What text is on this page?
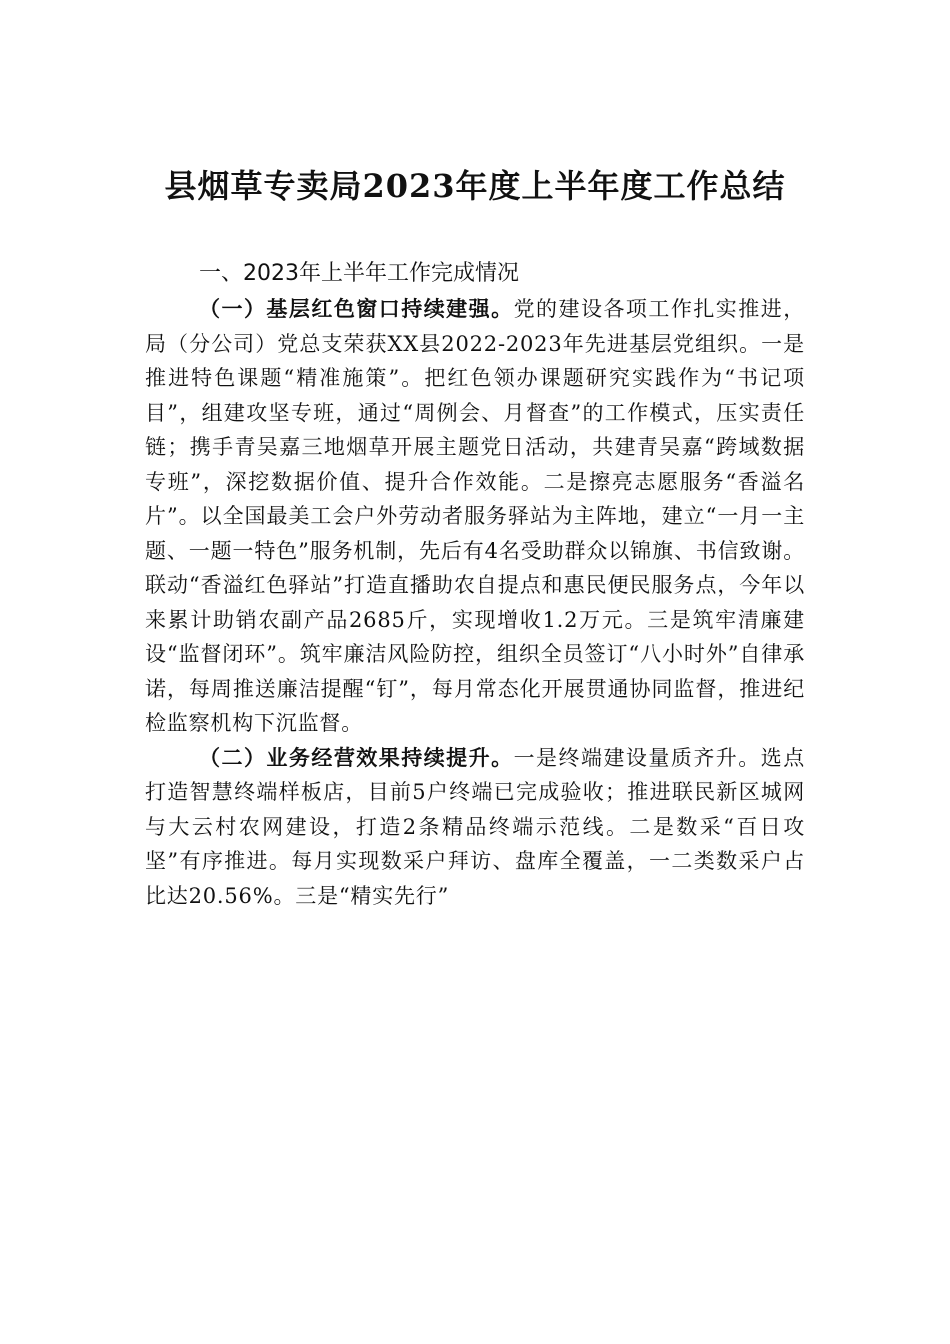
县烟草专卖局2023年度上半年度工作总结

一、2023年上半年工作完成情况

（一）基层红色窗口持续建强。党的建设各项工作扎实推进，局（分公司）党总支荣获XX县2022-2023年先进基层党组织。一是推进特色课题“精准施策”。把红色领办课题研究实践作为“书记项目”，组建攻坚专班，通过“周例会、月督查”的工作模式，压实责任链；携手青吴嘉三地烟草开展主题党日活动，共建青吴嘉“跨域数据专班”，深挖数据价值、提升合作效能。二是擦亮志愿服务“香溢名片”。以全国最美工会户外劳动者服务驿站为主阵地，建立“一月一主题、一题一特色”服务机制，先后有4名受助群众以锦旗、书信致谢。联动“香溢红色驿站”打造直播助农自提点和惠民便民服务点，今年以来累计助销农副产品2685斤，实现增收1.2万元。三是筑牢清廉建设“监督闭环”。筑牢廉洁风险防控，组织全员签订“八小时外”自律承诺，每周推送廉洁提醒“钉”，每月常态化开展贯通协同监督，推进纪检监察机构下沉监督。

（二）业务经营效果持续提升。一是终端建设量质齐升。选点打造智慧终端样板店，目前5户终端已完成验收；推进联民新区城网与大云村农网建设，打造2条精品终端示范线。二是数采“百日攻坚”有序推进。每月实现数采户拜访、盘库全覆盖，一二类数采户占比达20.56%。三是“精实先行”
